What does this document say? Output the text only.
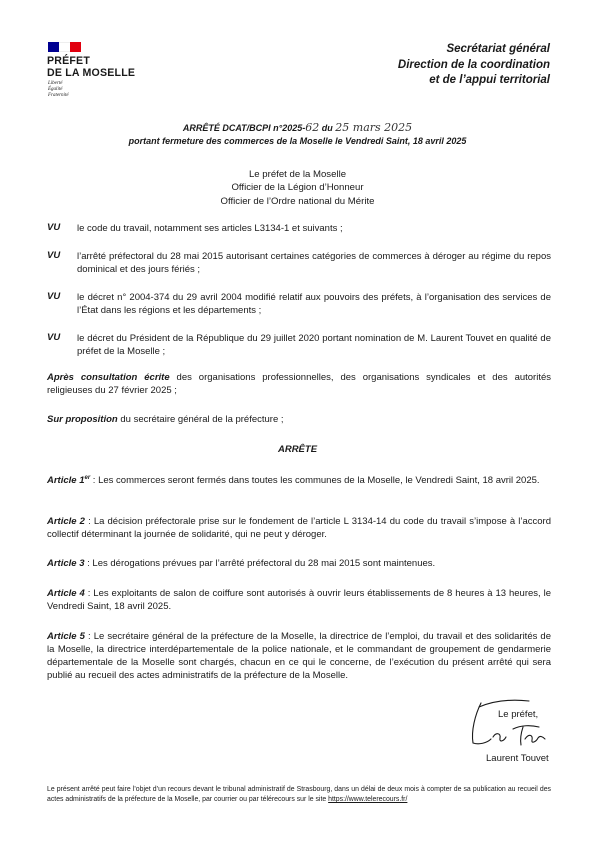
PRÉFET
DE LA MOSELLE
Liberté
Égalité
Fraternité
Secrétariat général
Direction de la coordination
et de l’appui territorial
ARRÊTÉ DCAT/BCPI n°2025-62 du 25 mars 2025
portant fermeture des commerces de la Moselle le Vendredi Saint, 18 avril 2025
Le préfet de la Moselle
Officier de la Légion d’Honneur
Officier de l’Ordre national du Mérite
VU le code du travail, notamment ses articles L3134-1 et suivants ;
VU l’arrêté préfectoral du 28 mai 2015 autorisant certaines catégories de commerces à déroger au régime du repos dominical et des jours fériés ;
VU le décret n° 2004-374 du 29 avril 2004 modifié relatif aux pouvoirs des préfets, à l’organisation des services de l’État dans les régions et les départements ;
VU le décret du Président de la République du 29 juillet 2020 portant nomination de M. Laurent Touvet en qualité de préfet de la Moselle ;
Après consultation écrite des organisations professionnelles, des organisations syndicales et des autorités religieuses du 27 février 2025 ;
Sur proposition du secrétaire général de la préfecture ;
ARRÊTE
Article 1er : Les commerces seront fermés dans toutes les communes de la Moselle, le Vendredi Saint, 18 avril 2025.
Article 2 : La décision préfectorale prise sur le fondement de l’article L 3134-14 du code du travail s’impose à l’accord collectif déterminant la journée de solidarité, qui ne peut y déroger.
Article 3 : Les dérogations prévues par l’arrêté préfectoral du 28 mai 2015 sont maintenues.
Article 4 : Les exploitants de salon de coiffure sont autorisés à ouvrir leurs établissements de 8 heures à 13 heures, le Vendredi Saint, 18 avril 2025.
Article 5 : Le secrétaire général de la préfecture de la Moselle, la directrice de l’emploi, du travail et des solidarités de la Moselle, la directrice interdépartementale de la police nationale, et le commandant de groupement de gendarmerie départementale de la Moselle sont chargés, chacun en ce qui le concerne, de l’exécution du présent arrêté qui sera publié au recueil des actes administratifs de la préfecture de la Moselle.
Le préfet,
Laurent Touvet
Le présent arrêté peut faire l’objet d’un recours devant le tribunal administratif de Strasbourg, dans un délai de deux mois à compter de sa publication au recueil des actes administratifs de la préfecture de la Moselle, par courrier ou par télérecours sur le site https://www.telerecours.fr/
